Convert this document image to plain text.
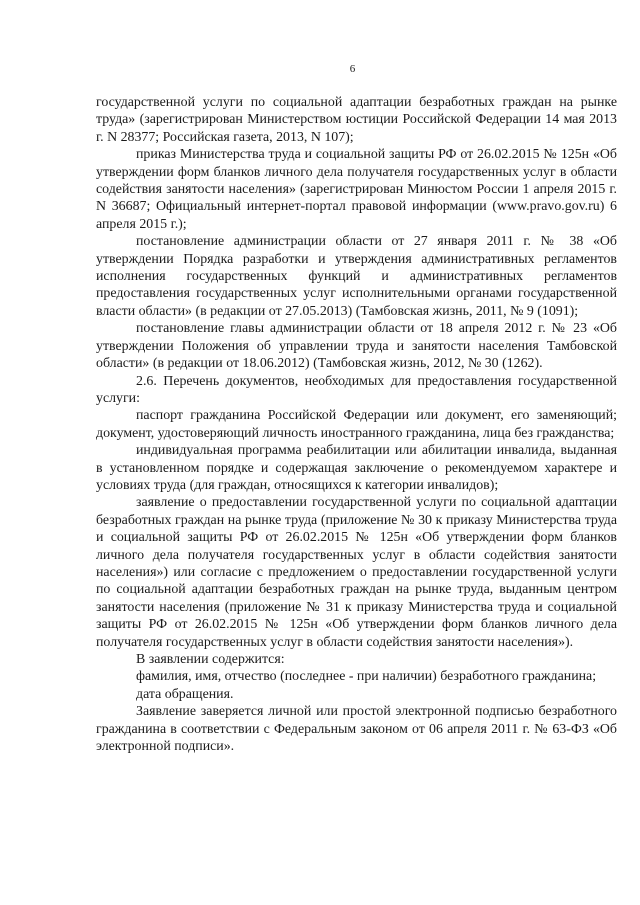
6

государственной услуги по социальной адаптации безработных граждан на рынке труда» (зарегистрирован Министерством юстиции Российской Федерации 14 мая 2013 г. N 28377; Российская газета, 2013, N 107);

приказ Министерства труда и социальной защиты РФ от 26.02.2015 № 125н «Об утверждении форм бланков личного дела получателя государственных услуг в области содействия занятости населения» (зарегистрирован Минюстом России 1 апреля 2015 г. N 36687; Официальный интернет-портал правовой информации (www.pravo.gov.ru) 6 апреля 2015 г.);

постановление администрации области от 27 января 2011 г. № 38 «Об утверждении Порядка разработки и утверждения административных регламентов исполнения государственных функций и административных регламентов предоставления государственных услуг исполнительными органами государственной власти области» (в редакции от 27.05.2013) (Тамбовская жизнь, 2011, № 9 (1091);

постановление главы администрации области от 18 апреля 2012 г. № 23 «Об утверждении Положения об управлении труда и занятости населения Тамбовской области» (в редакции от 18.06.2012) (Тамбовская жизнь, 2012, № 30 (1262).

2.6. Перечень документов, необходимых для предоставления государственной услуги:

паспорт гражданина Российской Федерации или документ, его заменяющий; документ, удостоверяющий личность иностранного гражданина, лица без гражданства;

индивидуальная программа реабилитации или абилитации инвалида, выданная в установленном порядке и содержащая заключение о рекомендуемом характере и условиях труда (для граждан, относящихся к категории инвалидов);

заявление о предоставлении государственной услуги по социальной адаптации безработных граждан на рынке труда (приложение № 30 к приказу Министерства труда и социальной защиты РФ от 26.02.2015 № 125н «Об утверждении форм бланков личного дела получателя государственных услуг в области содействия занятости населения») или согласие с предложением о предоставлении государственной услуги по социальной адаптации безработных граждан на рынке труда, выданным центром занятости населения (приложение № 31 к приказу Министерства труда и социальной защиты РФ от 26.02.2015 № 125н «Об утверждении форм бланков личного дела получателя государственных услуг в области содействия занятости населения»).

В заявлении содержится:

фамилия, имя, отчество (последнее - при наличии) безработного гражданина;

дата обращения.

Заявление заверяется личной или простой электронной подписью безработного гражданина в соответствии с Федеральным законом от 06 апреля 2011 г. № 63-ФЗ «Об электронной подписи».
